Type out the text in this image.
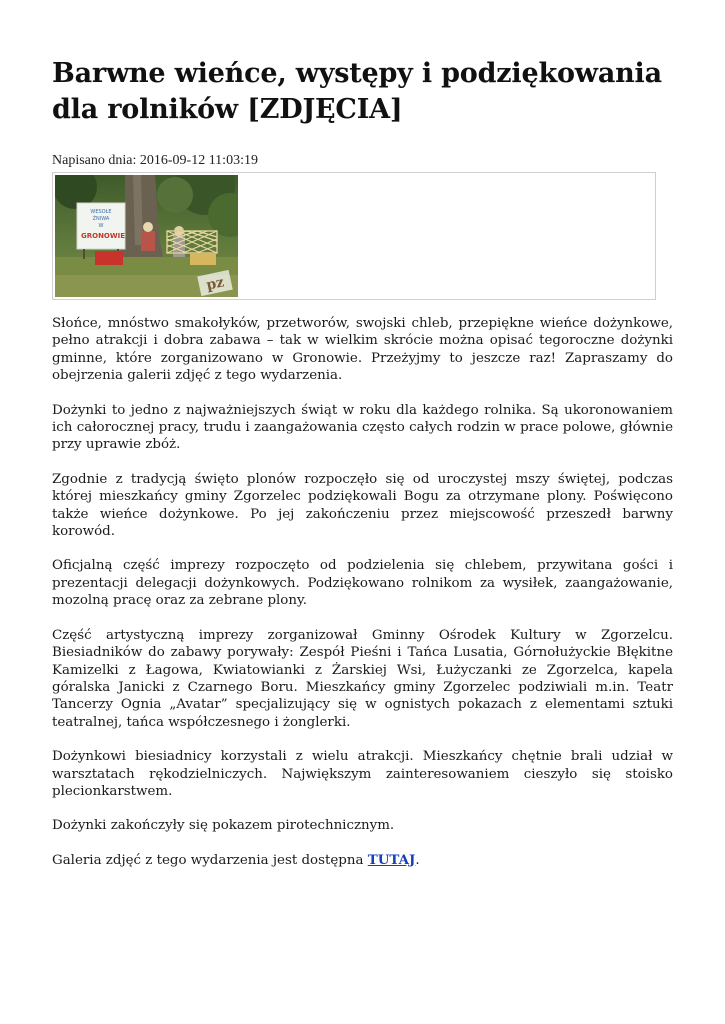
Barwne wieńce, występy i podziękowania dla rolników [ZDJĘCIA]
Napisano dnia: 2016-09-12 11:03:19
WESOŁE
ŻNIWA
W
GRONOWIE
pz

Słońce, mnóstwo smakołyków, przetworów, swojski chleb, przepiękne wieńce dożynkowe, pełno atrakcji i dobra zabawa – tak w wielkim skrócie można opisać tegoroczne dożynki gminne, które zorganizowano w Gronowie. Przeżyjmy to jeszcze raz! Zapraszamy do obejrzenia galerii zdjęć z tego wydarzenia.

Dożynki to jedno z najważniejszych świąt w roku dla każdego rolnika. Są ukoronowaniem ich całorocznej pracy, trudu i zaangażowania często całych rodzin w prace polowe, głównie przy uprawie zbóż.

Zgodnie z tradycją święto plonów rozpoczęło się od uroczystej mszy świętej, podczas której mieszkańcy gminy Zgorzelec podziękowali Bogu za otrzymane plony. Poświęcono także wieńce dożynkowe. Po jej zakończeniu przez miejscowość przeszedł barwny korowód.

Oficjalną część imprezy rozpoczęto od podzielenia się chlebem, przywitana gości i prezentacji delegacji dożynkowych. Podziękowano rolnikom za wysiłek, zaangażowanie, mozolną pracę oraz za zebrane plony.

Część artystyczną imprezy zorganizował Gminny Ośrodek Kultury w Zgorzelcu. Biesiadników do zabawy porywały: Zespół Pieśni i Tańca Lusatia, Górnołużyckie Błękitne Kamizelki z Łagowa, Kwiatowianki z Żarskiej Wsi, Łużyczanki ze Zgorzelca, kapela góralska Janicki z Czarnego Boru. Mieszkańcy gminy Zgorzelec podziwiali m.in. Teatr Tancerzy Ognia „Avatar” specjalizujący się w ognistych pokazach z elementami sztuki teatralnej, tańca współczesnego i żonglerki.

Dożynkowi biesiadnicy korzystali z wielu atrakcji. Mieszkańcy chętnie brali udział w warsztatach rękodzielniczych. Największym zainteresowaniem cieszyło się stoisko plecionkarstwem.

Dożynki zakończyły się pokazem pirotechnicznym.

Galeria zdjęć z tego wydarzenia jest dostępna TUTAJ.
